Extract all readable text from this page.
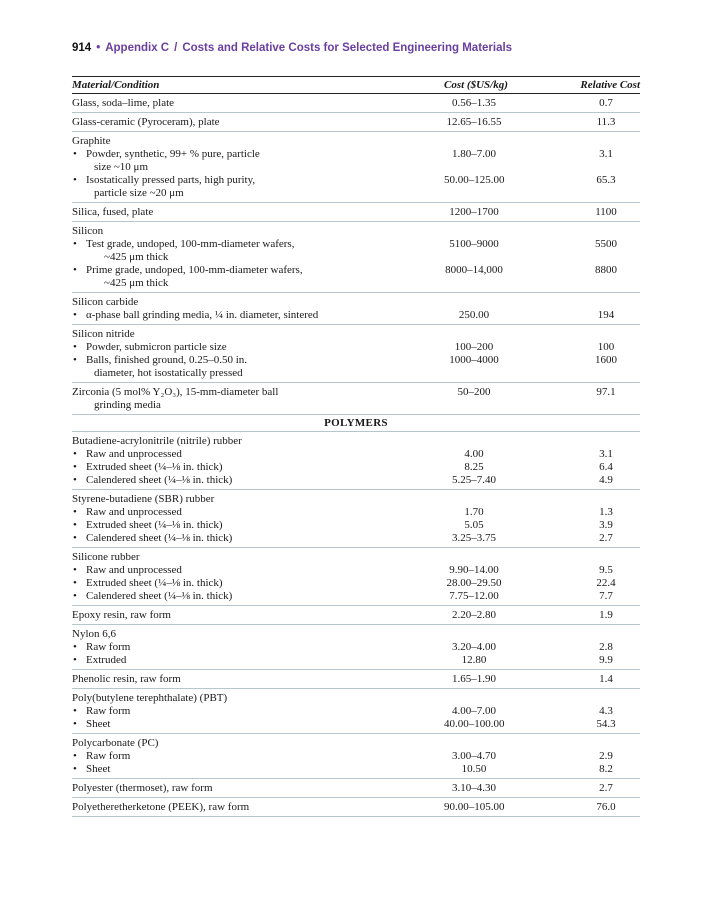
914 • Appendix C / Costs and Relative Costs for Selected Engineering Materials
Material/Condition	Cost ($US/kg)	Relative Cost
Glass, soda–lime, plate	0.56–1.35	0.7
Glass-ceramic (Pyroceram), plate	12.65–16.55	11.3
Graphite
• Powder, synthetic, 99+ % pure, particle	1.80–7.00	3.1
size ~10 μm
• Isostatically pressed parts, high purity,	50.00–125.00	65.3
particle size ~20 μm
Silica, fused, plate	1200–1700	1100
Silicon
• Test grade, undoped, 100-mm-diameter wafers,	5100–9000	5500
~425 μm thick
• Prime grade, undoped, 100-mm-diameter wafers,	8000–14,000	8800
~425 μm thick
Silicon carbide
• α-phase ball grinding media, ¼ in. diameter, sintered	250.00	194
Silicon nitride
• Powder, submicron particle size	100–200	100
• Balls, finished ground, 0.25–0.50 in.	1000–4000	1600
diameter, hot isostatically pressed
Zirconia (5 mol% Y₂O₃), 15-mm-diameter ball	50–200	97.1
grinding media
POLYMERS
Butadiene-acrylonitrile (nitrile) rubber
• Raw and unprocessed	4.00	3.1
• Extruded sheet (¼–⅛ in. thick)	8.25	6.4
• Calendered sheet (¼–⅛ in. thick)	5.25–7.40	4.9
Styrene-butadiene (SBR) rubber
• Raw and unprocessed	1.70	1.3
• Extruded sheet (¼–⅛ in. thick)	5.05	3.9
• Calendered sheet (¼–⅛ in. thick)	3.25–3.75	2.7
Silicone rubber
• Raw and unprocessed	9.90–14.00	9.5
• Extruded sheet (¼–⅛ in. thick)	28.00–29.50	22.4
• Calendered sheet (¼–⅛ in. thick)	7.75–12.00	7.7
Epoxy resin, raw form	2.20–2.80	1.9
Nylon 6,6
• Raw form	3.20–4.00	2.8
• Extruded	12.80	9.9
Phenolic resin, raw form	1.65–1.90	1.4
Poly(butylene terephthalate) (PBT)
• Raw form	4.00–7.00	4.3
• Sheet	40.00–100.00	54.3
Polycarbonate (PC)
• Raw form	3.00–4.70	2.9
• Sheet	10.50	8.2
Polyester (thermoset), raw form	3.10–4.30	2.7
Polyetheretherketone (PEEK), raw form	90.00–105.00	76.0
